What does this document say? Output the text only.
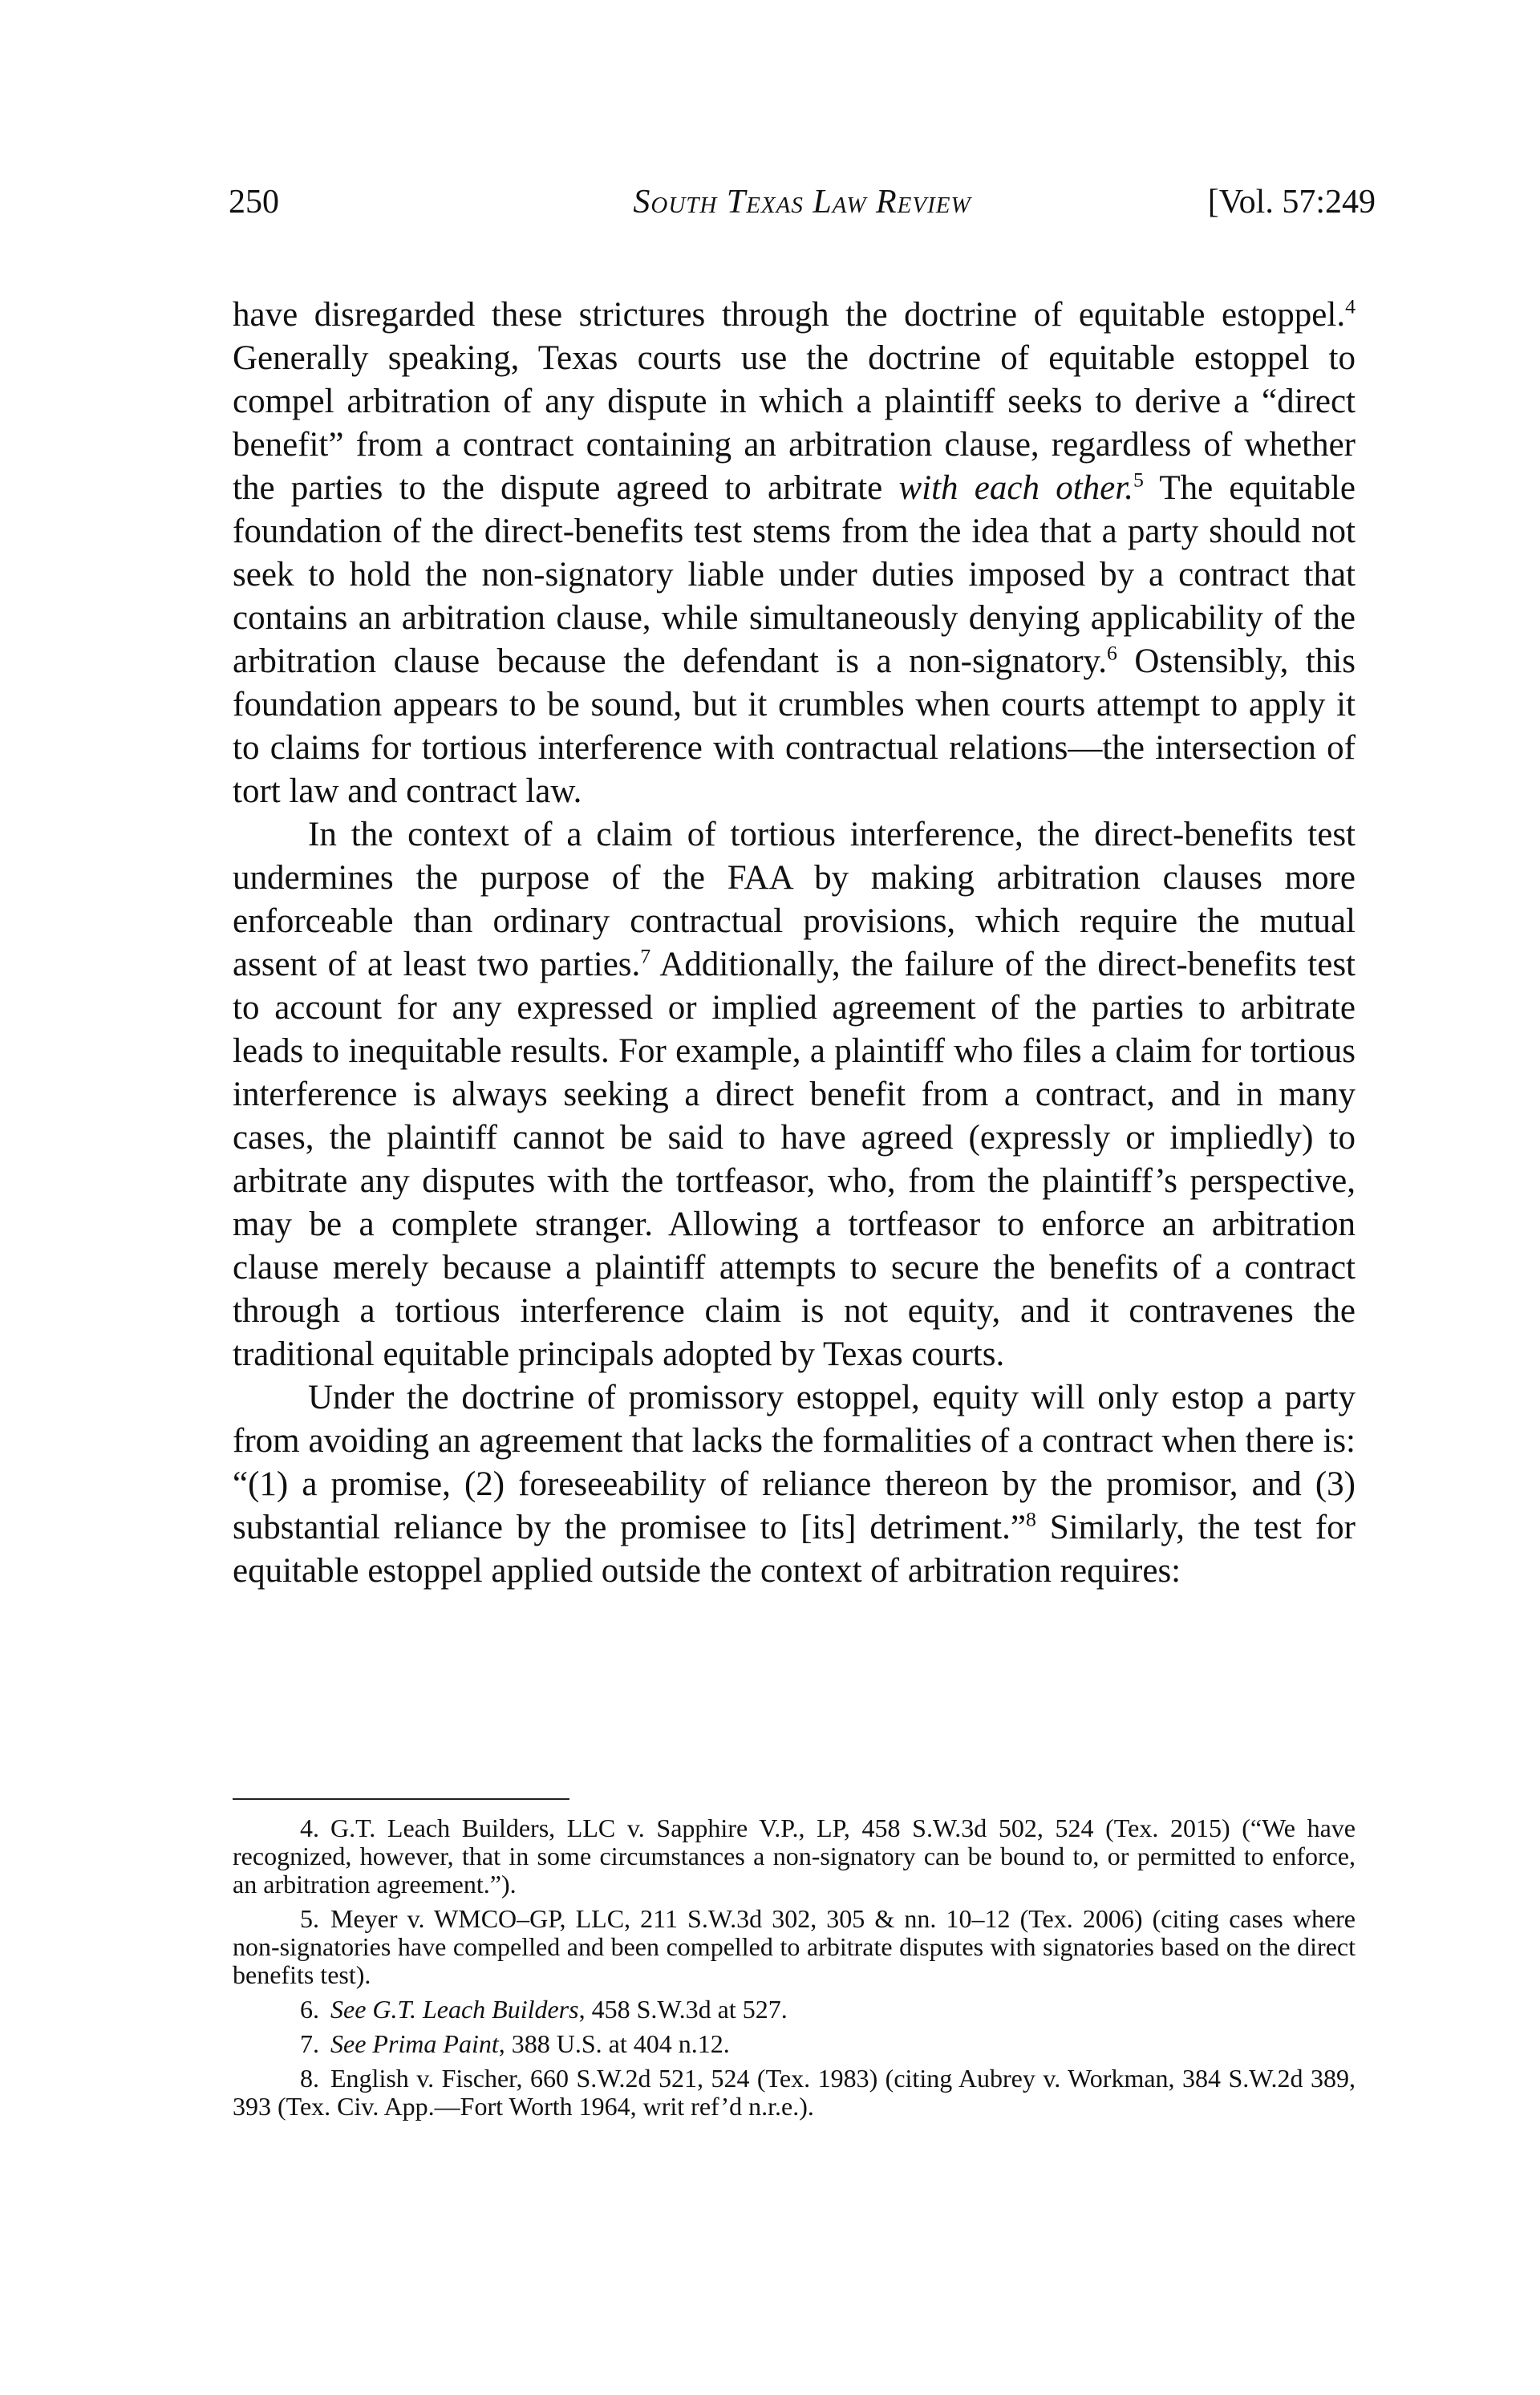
250	South Texas Law Review	[Vol. 57:249

have disregarded these strictures through the doctrine of equitable estoppel.$^4$ Generally speaking, Texas courts use the doctrine of equitable estoppel to compel arbitration of any dispute in which a plaintiff seeks to derive a “direct benefit” from a contract containing an arbitration clause, regardless of whether the parties to the dispute agreed to arbitrate with each other.$^5$ The equitable foundation of the direct-benefits test stems from the idea that a party should not seek to hold the non-signatory liable under duties imposed by a contract that contains an arbitration clause, while simultaneously denying applicability of the arbitration clause because the defendant is a non-signatory.$^6$ Ostensibly, this foundation appears to be sound, but it crumbles when courts attempt to apply it to claims for tortious interference with contractual relations—the intersection of tort law and contract law.

In the context of a claim of tortious interference, the direct-benefits test undermines the purpose of the FAA by making arbitration clauses more enforceable than ordinary contractual provisions, which require the mutual assent of at least two parties.$^7$ Additionally, the failure of the direct-benefits test to account for any expressed or implied agreement of the parties to arbitrate leads to inequitable results. For example, a plaintiff who files a claim for tortious interference is always seeking a direct benefit from a contract, and in many cases, the plaintiff cannot be said to have agreed (expressly or impliedly) to arbitrate any disputes with the tortfeasor, who, from the plaintiff’s perspective, may be a complete stranger. Allowing a tortfeasor to enforce an arbitration clause merely because a plaintiff attempts to secure the benefits of a contract through a tortious interference claim is not equity, and it contravenes the traditional equitable principals adopted by Texas courts.

Under the doctrine of promissory estoppel, equity will only estop a party from avoiding an agreement that lacks the formalities of a contract when there is: “(1) a promise, (2) foreseeability of reliance thereon by the promisor, and (3) substantial reliance by the promisee to [its] detriment.”$^8$ Similarly, the test for equitable estoppel applied outside the context of arbitration requires:

4. G.T. Leach Builders, LLC v. Sapphire V.P., LP, 458 S.W.3d 502, 524 (Tex. 2015) (“We have recognized, however, that in some circumstances a non-signatory can be bound to, or permitted to enforce, an arbitration agreement.”).

5. Meyer v. WMCO–GP, LLC, 211 S.W.3d 302, 305 & nn. 10–12 (Tex. 2006) (citing cases where non-signatories have compelled and been compelled to arbitrate disputes with signatories based on the direct benefits test).

6. See G.T. Leach Builders, 458 S.W.3d at 527.

7. See Prima Paint, 388 U.S. at 404 n.12.

8. English v. Fischer, 660 S.W.2d 521, 524 (Tex. 1983) (citing Aubrey v. Workman, 384 S.W.2d 389, 393 (Tex. Civ. App.—Fort Worth 1964, writ ref’d n.r.e.).
